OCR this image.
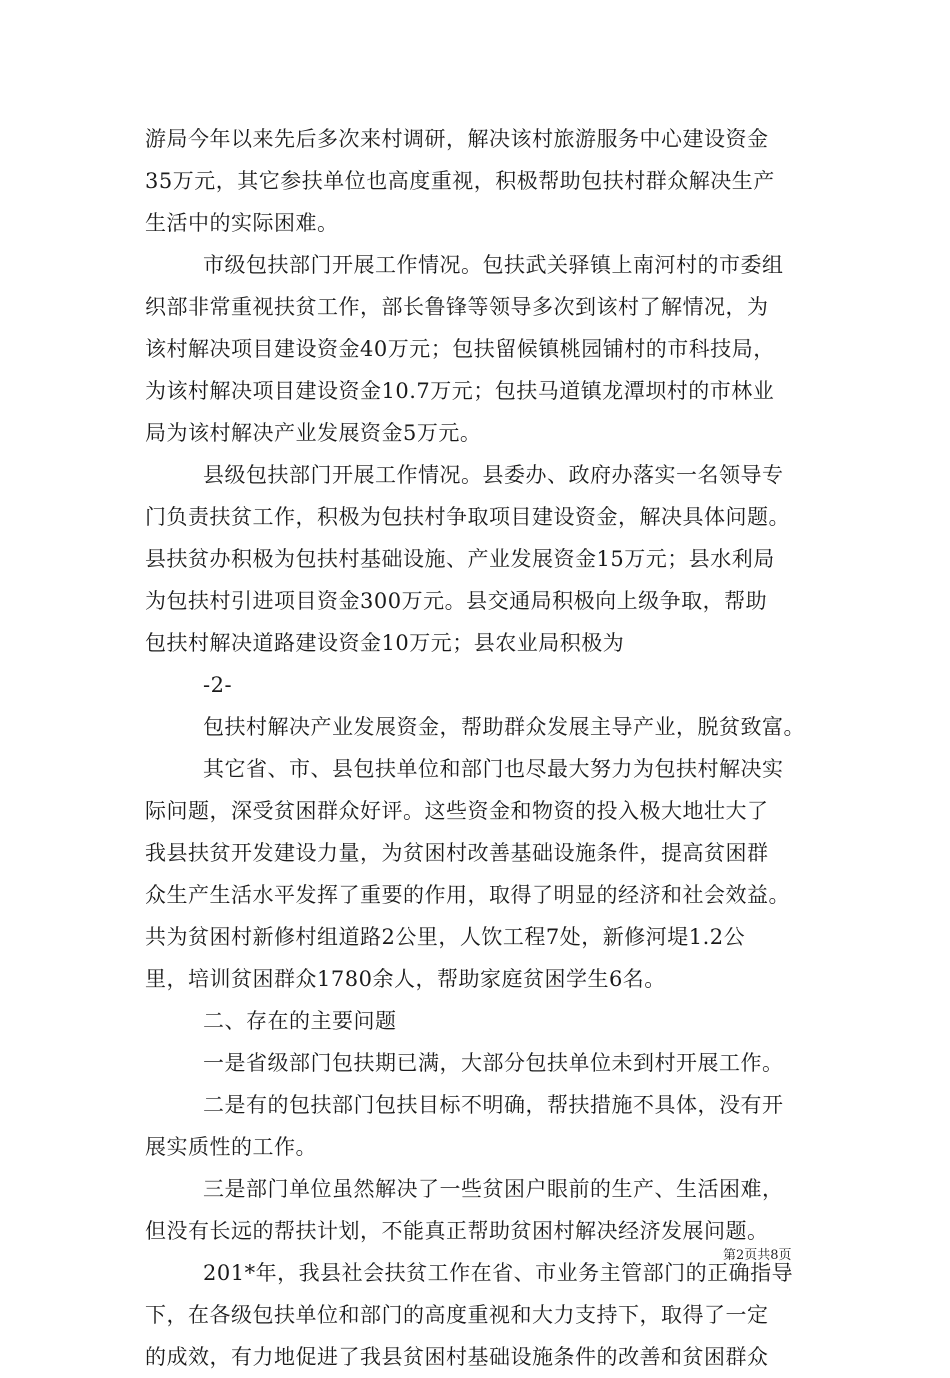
游局今年以来先后多次来村调研，解决该村旅游服务中心建设资金
35万元，其它参扶单位也高度重视，积极帮助包扶村群众解决生产
生活中的实际困难。
市级包扶部门开展工作情况。包扶武关驿镇上南河村的市委组
织部非常重视扶贫工作，部长鲁锋等领导多次到该村了解情况，为
该村解决项目建设资金40万元；包扶留候镇桃园铺村的市科技局，
为该村解决项目建设资金10.7万元；包扶马道镇龙潭坝村的市林业
局为该村解决产业发展资金5万元。
县级包扶部门开展工作情况。县委办、政府办落实一名领导专
门负责扶贫工作，积极为包扶村争取项目建设资金，解决具体问题。
县扶贫办积极为包扶村基础设施、产业发展资金15万元；县水利局
为包扶村引进项目资金300万元。县交通局积极向上级争取，帮助
包扶村解决道路建设资金10万元；县农业局积极为
-2-
包扶村解决产业发展资金，帮助群众发展主导产业，脱贫致富。
其它省、市、县包扶单位和部门也尽最大努力为包扶村解决实
际问题，深受贫困群众好评。这些资金和物资的投入极大地壮大了
我县扶贫开发建设力量，为贫困村改善基础设施条件，提高贫困群
众生产生活水平发挥了重要的作用，取得了明显的经济和社会效益。
共为贫困村新修村组道路2公里，人饮工程7处，新修河堤1.2公
里，培训贫困群众1780余人，帮助家庭贫困学生6名。
二、存在的主要问题
一是省级部门包扶期已满，大部分包扶单位未到村开展工作。
二是有的包扶部门包扶目标不明确，帮扶措施不具体，没有开
展实质性的工作。
三是部门单位虽然解决了一些贫困户眼前的生产、生活困难，
但没有长远的帮扶计划，不能真正帮助贫困村解决经济发展问题。
201*年，我县社会扶贫工作在省、市业务主管部门的正确指导
下，在各级包扶单位和部门的高度重视和大力支持下，取得了一定
的成效，有力地促进了我县贫困村基础设施条件的改善和贫困群众
第2页共8页
